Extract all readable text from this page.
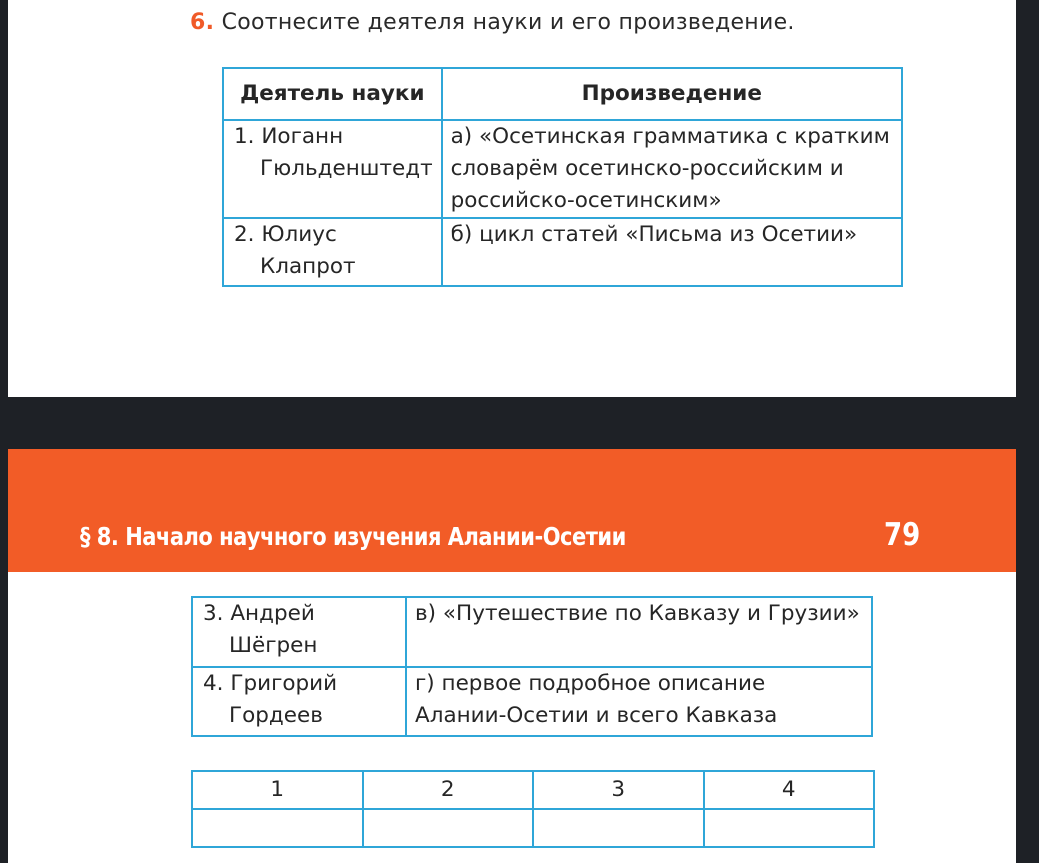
6. Соотнесите деятеля науки и его произведение.
Деятель науки	Произведение

1. Иоганн
Гюльденштедт	а) «Осетинская грамматика с кратким словарём осетинско-российским и российско-осетинским»

2. Юлиус
Клапрот	б) цикл статей «Письма из Осетии»
§ 8. Начало научного изучения Алании-Осетии	79
3. Андрей
Шёгрен	в) «Путешествие по Кавказу и Грузии»

4. Григорий
Гордеев	г) первое подробное описание Алании-Осетии и всего Кавказа
1	2	3	4
